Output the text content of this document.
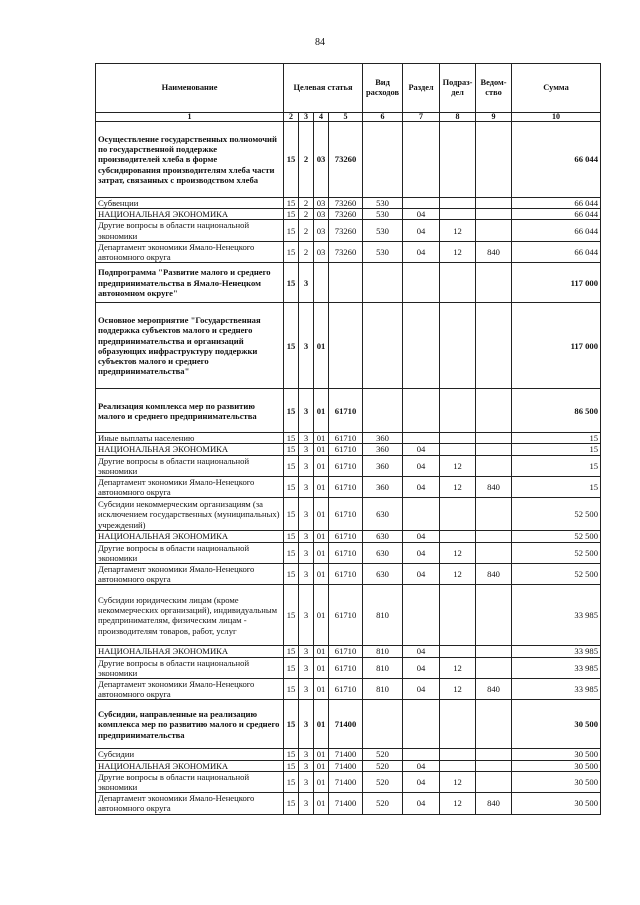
84
Наименование	Целевая статья				Вид расходов	Раздел	Подраз-дел	Ведом-ство	Сумма
1	2	3	4	5	6	7	8	9	10
Осуществление государственных полномочий по государственной поддержке производителей хлеба в форме субсидирования производителям хлеба части затрат, связанных с производством хлеба	15	2	03	73260					66 044
Субвенции	15	2	03	73260	530				66 044
НАЦИОНАЛЬНАЯ ЭКОНОМИКА	15	2	03	73260	530	04			66 044
Другие вопросы в области национальной экономики	15	2	03	73260	530	04	12		66 044
Департамент экономики Ямало-Ненецкого автономного округа	15	2	03	73260	530	04	12	840	66 044
Подпрограмма "Развитие малого и среднего предпринимательства в Ямало-Ненецком автономном округе"	15	3							117 000
Основное мероприятие "Государственная поддержка субъектов малого и среднего предпринимательства и организаций образующих инфраструктуру поддержки субъектов малого и среднего предпринимательства"	15	3	01						117 000
Реализация комплекса мер по развитию малого и среднего предпринимательства	15	3	01	61710					86 500
Иные выплаты населению	15	3	01	61710	360				15
НАЦИОНАЛЬНАЯ ЭКОНОМИКА	15	3	01	61710	360	04			15
Другие вопросы в области национальной экономики	15	3	01	61710	360	04	12		15
Департамент экономики Ямало-Ненецкого автономного округа	15	3	01	61710	360	04	12	840	15
Субсидии некоммерческим организациям (за исключением государственных (муниципальных) учреждений)	15	3	01	61710	630				52 500
НАЦИОНАЛЬНАЯ ЭКОНОМИКА	15	3	01	61710	630	04			52 500
Другие вопросы в области национальной экономики	15	3	01	61710	630	04	12		52 500
Департамент экономики Ямало-Ненецкого автономного округа	15	3	01	61710	630	04	12	840	52 500
Субсидии юридическим лицам (кроме некоммерческих организаций), индивидуальным предпринимателям, физическим лицам - производителям товаров, работ, услуг	15	3	01	61710	810				33 985
НАЦИОНАЛЬНАЯ ЭКОНОМИКА	15	3	01	61710	810	04			33 985
Другие вопросы в области национальной экономики	15	3	01	61710	810	04	12		33 985
Департамент экономики Ямало-Ненецкого автономного округа	15	3	01	61710	810	04	12	840	33 985
Субсидии, направленные на реализацию комплекса мер по развитию малого и среднего предпринимательства	15	3	01	71400					30 500
Субсидии	15	3	01	71400	520				30 500
НАЦИОНАЛЬНАЯ ЭКОНОМИКА	15	3	01	71400	520	04			30 500
Другие вопросы в области национальной экономики	15	3	01	71400	520	04	12		30 500
Департамент экономики Ямало-Ненецкого автономного округа	15	3	01	71400	520	04	12	840	30 500
